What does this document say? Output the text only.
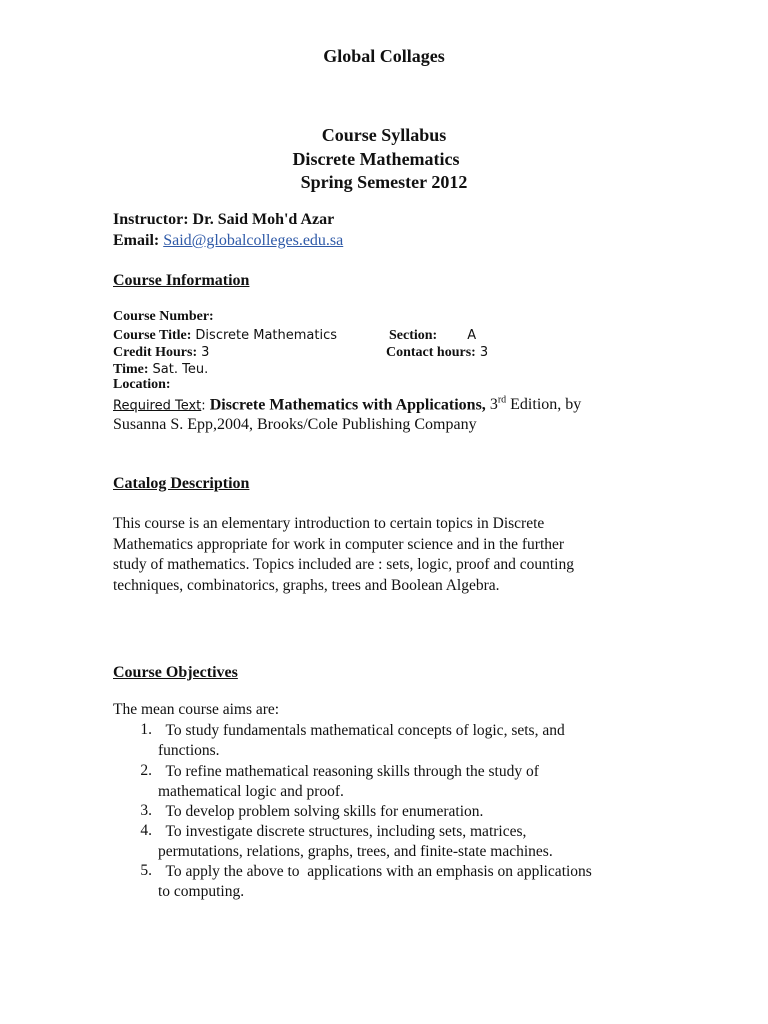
Global Collages
Course Syllabus
Discrete Mathematics
Spring Semester 2012
Instructor: Dr. Said Moh'd Azar
Email: Said@globalcolleges.edu.sa
Course Information
Course Number:
Course Title: Discrete Mathematics	Section: A
Credit Hours: 3	Contact hours: 3
Time: Sat. Teu.
Location:
Required Text: Discrete Mathematics with Applications, 3rd Edition, by
Susanna S. Epp,2004, Brooks/Cole Publishing Company
Catalog Description
This course is an elementary introduction to certain topics in Discrete
Mathematics appropriate for work in computer science and in the further
study of mathematics. Topics included are : sets, logic, proof and counting
techniques, combinatorics, graphs, trees and Boolean Algebra.
Course Objectives
The mean course aims are:
1. To study fundamentals mathematical concepts of logic, sets, and
functions.
2. To refine mathematical reasoning skills through the study of
mathematical logic and proof.
3. To develop problem solving skills for enumeration.
4. To investigate discrete structures, including sets, matrices,
permutations, relations, graphs, trees, and finite-state machines.
5. To apply the above to  applications with an emphasis on applications
to computing.
